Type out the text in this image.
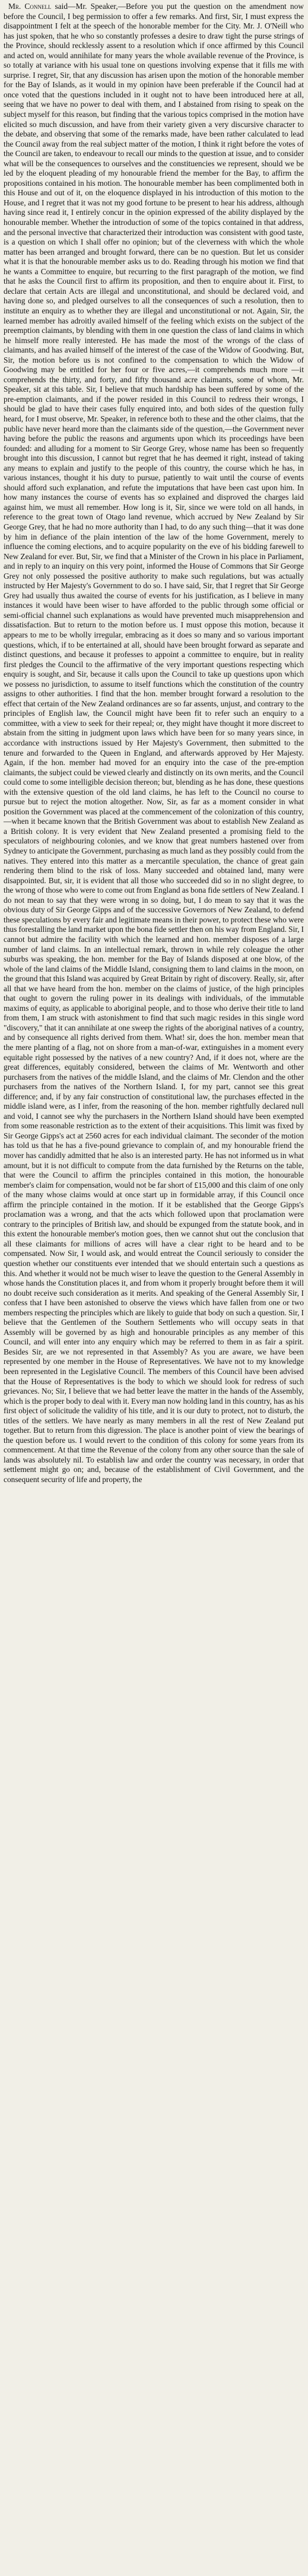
Mr. Connell said—Mr. Speaker,—Before you put the question on the amendment now before the Council, I beg permission to offer a few remarks. And first, Sir, I must express the disappointment I felt at the speech of the honorable member for the City. Mr. J. O'Neill who has just spoken, that he who so constantly professes a desire to draw tight the purse strings of the Province, should recklessly assent to a resolution which if once affirmed by this Council and acted on, would annihilate for many years the whole available revenue of the Province, is so totally at variance with his usual tone on questions involving expense that it fills me with surprise. I regret, Sir, that any discussion has arisen upon the motion of the honorable member for the Bay of Islands, as it would in my opinion have been preferable if the Council had at once voted that the questions included in it ought not to have been introduced here at all, seeing that we have no power to deal with them, and I abstained from rising to speak on the subject myself for this reason, but finding that the various topics comprised in the motion have elicited so much discussion, and have from their variety given a very discursive character to the debate, and observing that some of the remarks made, have been rather calculated to lead the Council away from the real subject matter of the motion, I think it right before the votes of the Council are taken, to endeavour to recall our minds to the question at issue, and to consider what will be the consequences to ourselves and the constituencies we represent, should we be led by the eloquent pleading of my honourable friend the member for the Bay, to affirm the propositions contained in his motion. The honourable member has been complimented both in this House and out of it, on the eloquence displayed in his introduction of this motion to the House, and I regret that it was not my good fortune to be present to hear his address, although having since read it, I entirely concur in the opinion expressed of the ability displayed by the honourable member. Whether the introduction of some of the topics contained in that address, and the personal invective that characterized their introduction was consistent with good taste, is a question on which I shall offer no opinion; but of the cleverness with which the whole matter has been arranged and brought forward, there can be no question. But let us consider what it is that the honourable member asks us to do. Reading through his motion we find that he wants a Committee to enquire, but recurring to the first paragraph of the motion, we find that he asks the Council first to affirm its proposition, and then to enquire about it. First, to declare that certain Acts are illegal and unconstitutional, and should be declared void, and having done so, and pledged ourselves to all the consequences of such a resolution, then to institute an enquiry as to whether they are illegal and unconstitutional or not. Again, Sir, the learned member has adroitly availed himself of the feeling which exists on the subject of the preemption claimants, by blending with them in one question the class of land claims in which he himself more really interested. He has made the most of the wrongs of the class of claimants, and has availed himself of the interest of the case of the Widow of Goodwing. But, Sir, the motion before us is not confined to the compensation to which the Widow of Goodwing may be entitled for her four or five acres,—it comprehends much more —it comprehends the thirty, and forty, and fifty thousand acre claimants, some of whom, Mr. Speaker, sit at this table. Sir, I believe that much hardship has been suffered by some of the pre-emption claimants, and if the power resided in this Council to redress their wrongs, I should be glad to have their cases fully enquired into, and both sides of the question fully heard, for I must observe, Mr. Speaker, in reference both to these and the other claims, that the public have never heard more than the claimants side of the question,—the Government never having before the public the reasons and arguments upon which its proceedings have been founded: and alluding for a moment to Sir George Grey, whose name has been so frequently brought into this discussion, I cannot but regret that he has deemed it right, instead of taking any means to explain and justify to the people of this country, the course which he has, in various instances, thought it his duty to pursue, patiently to wait until the course of events should afford such explanation, and refute the imputations that have been cast upon him. In how many instances the course of events has so explained and disproved the charges laid against him, we must all remember. How long is it, Sir, since we were told on all hands, in reference to the great town of Otago land revenue, which accrued by New Zealand by Sir George Grey, that he had no more authority than I had, to do any such thing—that it was done by him in defiance of the plain intention of the law of the home Government, merely to influence the coming elections, and to acquire popularity on the eve of his bidding farewell to New Zealand for ever. But, Sir, we find that a Minister of the Crown in his place in Parliament, and in reply to an inquiry on this very point, informed the House of Commons that Sir George Grey not only possessed the positive authority to make such regulations, but was actually instructed by Her Majesty's Government to do so. I have said, Sir, that I regret that Sir George Grey had usually thus awaited the course of events for his justification, as I believe in many instances it would have been wiser to have afforded to the public through some official or semi-official channel such explanations as would have prevented much misapprehension and dissatisfaction. But to return to the motion before us. I must oppose this motion, because it appears to me to be wholly irregular, embracing as it does so many and so various important questions, which, if to be entertained at all, should have been brought forward as separate and distinct questions, and because it professes to appoint a committee to enquire, but in reality first pledges the Council to the affirmative of the very important questions respecting which enquiry is sought, and Sir, because it calls upon the Council to take up questions upon which we possess no jurisdiction, to assume to itself functions which the constitution of the country assigns to other authorities. I find that the hon. member brought forward a resolution to the effect that certain of the New Zealand ordinances are so far assents, unjust, and contrary to the principles of English law, the Council might have been fit to refer such an enquiry to a committee, with a view to seek for their repeal; or, they might have thought it more discreet to abstain from the sitting in judgment upon laws which have been for so many years since, in accordance with instructions issued by Her Majesty's Government, then submitted to the tenure and forwarded to the Queen in England, and afterwards approved by Her Majesty. Again, if the hon. member had moved for an enquiry into the case of the pre-emption claimants, the subject could be viewed clearly and distinctly on its own merits, and the Council could come to some intelligible decision thereon; but, blending as he has done, these questions with the extensive question of the old land claims, he has left to the Council no course to pursue but to reject the motion altogether. Now, Sir, as far as a moment consider in what position the Government was placed at the commencement of the colonization of this country,—when it became known that the British Government was about to establish New Zealand as a British colony. It is very evident that New Zealand presented a promising field to the speculators of neighbouring colonies, and we know that great numbers hastened over from Sydney to anticipate the Government, purchasing as much land as they possibly could from the natives. They entered into this matter as a mercantile speculation, the chance of great gain rendering them blind to the risk of loss. Many succeeded and obtained land, many were disappointed. But, sir, it is evident that all those who succeeded did so in no slight degree, to the wrong of those who were to come out from England as bona fide settlers of New Zealand. I do not mean to say that they were wrong in so doing, but, I do mean to say that it was the obvious duty of Sir George Gipps and of the successive Governors of New Zealand, to defend these speculations by every fair and legitimate means in their power, to protect these who were thus forestalling the land market upon the bona fide settler then on his way from England. Sir, I cannot but admire the facility with which the learned and hon. member disposes of a large number of land claims. In an intellectual remark, thrown in while rely coleague the other suburbs was speaking, the hon. member for the Bay of Islands disposed at one blow, of the whole of the land claims of the Middle Island, consigning them to land claims in the moon, on the ground that this Island was acquired by Great Britain by right of discovery. Really, sir, after all that we have heard from the hon. member on the claims of justice, of the high principles that ought to govern the ruling power in its dealings with individuals, of the immutable maxims of equity, as applicable to aboriginal people, and to those who derive their title to land from them, I am struck with astonishment to find that such magic resides in this single word "discovery," that it can annihilate at one sweep the rights of the aboriginal natives of a country, and by consequence all rights derived from them. What! sir, does the hon. member mean that the mere planting of a flag, not on shore from a man-of-war, extinguishes in a moment every equitable right possessed by the natives of a new country? And, if it does not, where are the great differences, equitably considered, between the claims of Mr. Wentworth and other purchasers from the natives of the middle Island, and the claims of Mr. Clendon and the other purchasers from the natives of the Northern Island. I, for my part, cannot see this great difference; and, if by any fair construction of constitutional law, the purchases effected in the middle island were, as I infer, from the reasoning of the hon. member rightfully declared null and void, I cannot see why the purchasers in the Northern Island should have been exempted from some reasonable restriction as to the extent of their acquisitions. This limit was fixed by Sir George Gipps's act at 2560 acres for each individual claimant. The seconder of the motion has told us that he has a five-pound grievance to complain of, and my honourable friend the mover has candidly admitted that he also is an interested party. He has not informed us in what amount, but it is not difficult to compute from the data furnished by the Returns on the table, that were the Council to affirm the principles contained in this motion, the honourable member's claim for compensation, would not be far short of £15,000 and this claim of one only of the many whose claims would at once start up in formidable array, if this Council once affirm the principle contained in the motion. If it be established that the George Gipps's proclamation was a wrong, and that the acts which followed upon that proclamation were contrary to the principles of British law, and should be expunged from the statute book, and in this extent the honourable member's motion goes, then we cannot shut out the conclusion that all these claimants for millions of acres will have a clear right to be heard and to be compensated. Now Sir, I would ask, and would entreat the Council seriously to consider the question whether our constituents ever intended that we should entertain such a questions as this. And whether it would not be much wiser to leave the question to the General Assembly in whose hands the Constitution places it, and from whom it properly brought before them it will no doubt receive such consideration as it merits. And speaking of the General Assembly Sir, I confess that I have been astonished to observe the views which have fallen from one or two members respecting the principles which are likely to guide that body on such a question. Sir, I believe that the Gentlemen of the Southern Settlements who will occupy seats in that Assembly will be governed by as high and honourable principles as any member of this Council, and will enter into any enquiry which may be referred to them in as fair a spirit. Besides Sir, are we not represented in that Assembly? As you are aware, we have been represented by one member in the House of Representatives. We have not to my knowledge been represented in the Legislative Council. The members of this Council have been advised that the House of Representatives is the body to which we should look for redress of such grievances. No; Sir, I believe that we had better leave the matter in the hands of the Assembly, which is the proper body to deal with it. Every man now holding land in this country, has as his first object of solicitude the validity of his title, and it is our duty to protect, not to disturb, the titles of the settlers. We have nearly as many members in all the rest of New Zealand put together. But to return from this digression. The place is another point of view the bearings of the question before us. I would revert to the condition of this colony for some years from its commencement. At that time the Revenue of the colony from any other source than the sale of lands was absolutely nil. To establish law and order the country was necessary, in order that settlement might go on; and, because of the establishment of Civil Government, and the consequent security of life and property, the
